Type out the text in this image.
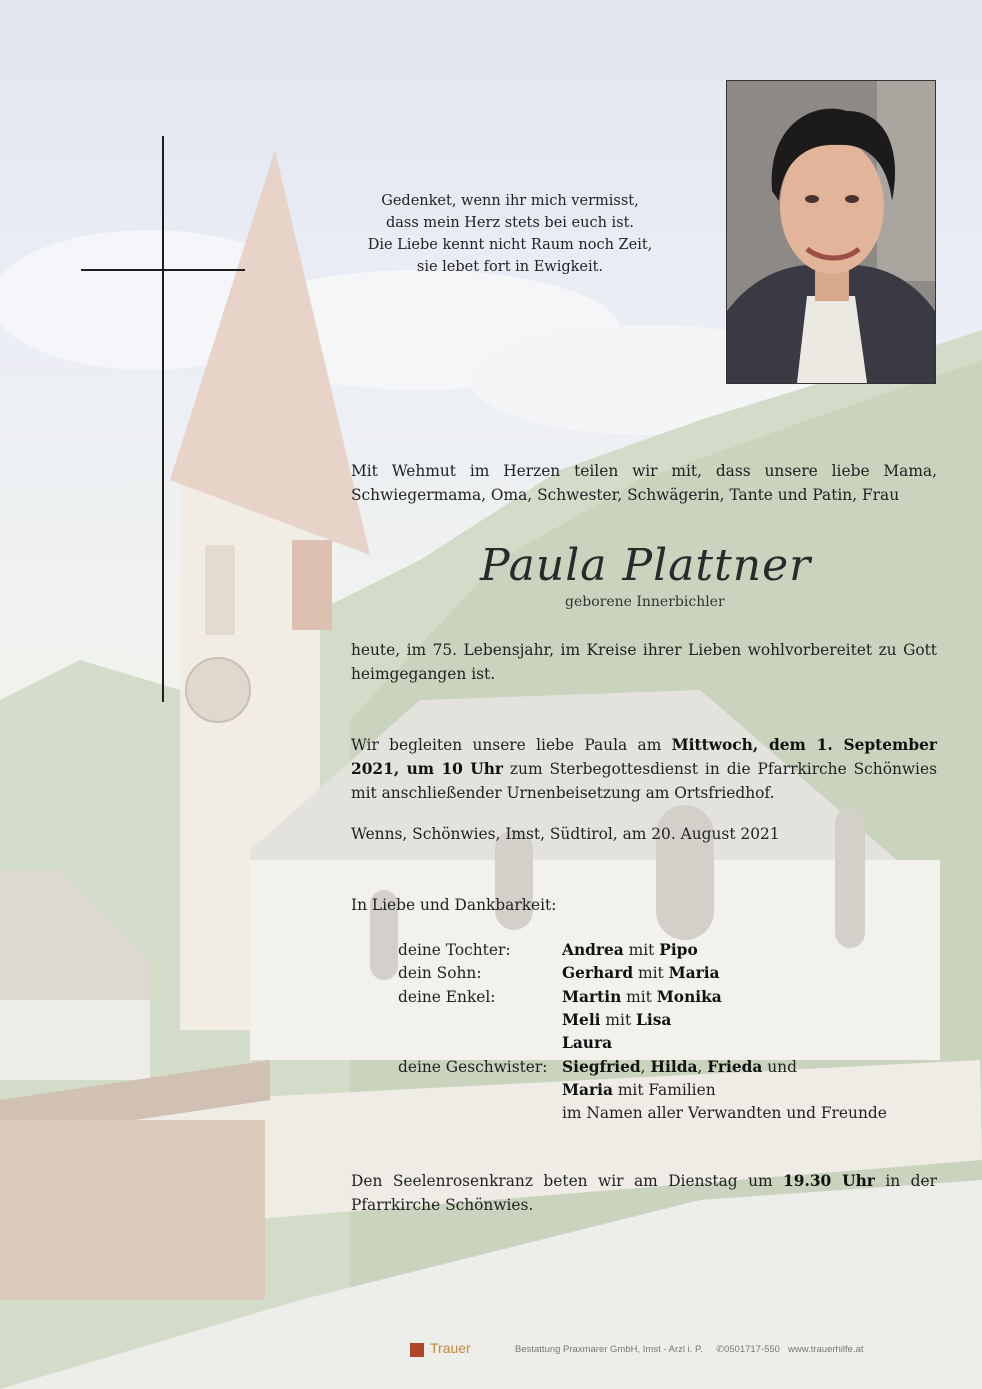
Gedenket, wenn ihr mich vermisst,
dass mein Herz stets bei euch ist.
Die Liebe kennt nicht Raum noch Zeit,
sie lebet fort in Ewigkeit.
Mit Wehmut im Herzen teilen wir mit, dass unsere liebe Mama, Schwiegermama, Oma, Schwester, Schwägerin, Tante und Patin, Frau
Paula Plattner
geborene Innerbichler
heute, im 75. Lebensjahr, im Kreise ihrer Lieben wohlvorbereitet zu Gott heimgegangen ist.
Wir begleiten unsere liebe Paula am Mittwoch, dem 1. September 2021, um 10 Uhr zum Sterbegottesdienst in die Pfarrkirche Schönwies mit anschließender Urnenbeisetzung am Ortsfriedhof.
Wenns, Schönwies, Imst, Südtirol, am 20. August 2021
In Liebe und Dankbarkeit:
deine Tochter:	Andrea mit Pipo
dein Sohn:	Gerhard mit Maria
deine Enkel:	Martin mit Monika
Meli mit Lisa
Laura
deine Geschwister: Siegfried, Hilda, Frieda und
Maria mit Familien
im Namen aller Verwandten und Freunde
Den Seelenrosenkranz beten wir am Dienstag um 19.30 Uhr in der Pfarrkirche Schönwies.
Trauer	Bestattung Praxmarer GmbH, Imst - Arzl i. P. ✆0501717-550 www.trauerhilfe.at
